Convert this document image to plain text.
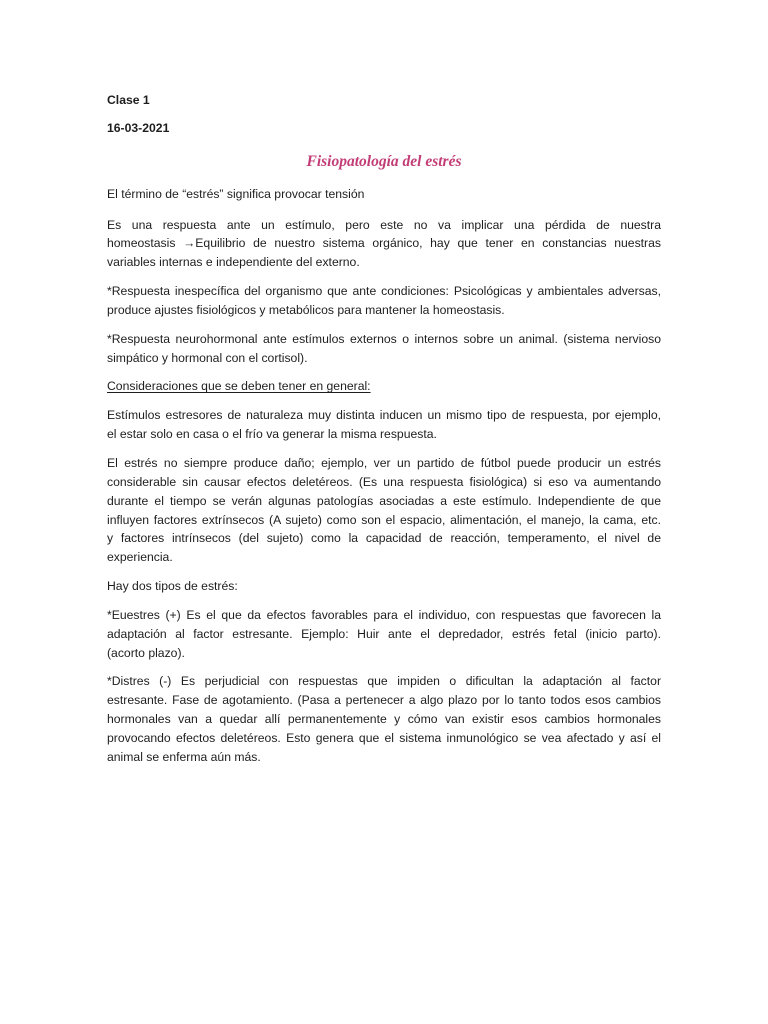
Clase 1
16-03-2021
Fisiopatología del estrés
El término de “estrés” significa provocar tensión
Es una respuesta ante un estímulo, pero este no va implicar una pérdida de nuestra
homeostasis →Equilibrio de nuestro sistema orgánico, hay que tener en constancias nuestras
variables internas e independiente del externo.
*Respuesta inespecífica del organismo que ante condiciones: Psicológicas y ambientales adversas,
produce ajustes fisiológicos y metabólicos para mantener la homeostasis.
*Respuesta neurohormonal ante estímulos externos o internos sobre un animal. (sistema nervioso
simpático y hormonal con el cortisol).
Consideraciones que se deben tener en general:
Estímulos estresores de naturaleza muy distinta inducen un mismo tipo de respuesta, por ejemplo,
el estar solo en casa o el frío va generar la misma respuesta.
El estrés no siempre produce daño; ejemplo, ver un partido de fútbol puede producir un estrés
considerable sin causar efectos deletéreos. (Es una respuesta fisiológica) si eso va aumentando
durante el tiempo se verán algunas patologías asociadas a este estímulo. Independiente de que
influyen factores extrínsecos (A sujeto) como son el espacio, alimentación, el manejo, la cama, etc.
y factores intrínsecos (del sujeto) como la capacidad de reacción, temperamento, el nivel de
experiencia.
Hay dos tipos de estrés:
*Euestres (+) Es el que da efectos favorables para el individuo, con respuestas que favorecen la
adaptación al factor estresante. Ejemplo: Huir ante el depredador, estrés fetal (inicio parto).
(acorto plazo).
*Distres (-) Es perjudicial con respuestas que impiden o dificultan la adaptación al factor
estresante. Fase de agotamiento. (Pasa a pertenecer a algo plazo por lo tanto todos esos cambios
hormonales van a quedar allí permanentemente y cómo van existir esos cambios hormonales
provocando efectos deletéreos. Esto genera que el sistema inmunológico se vea afectado y así el
animal se enferma aún más.
